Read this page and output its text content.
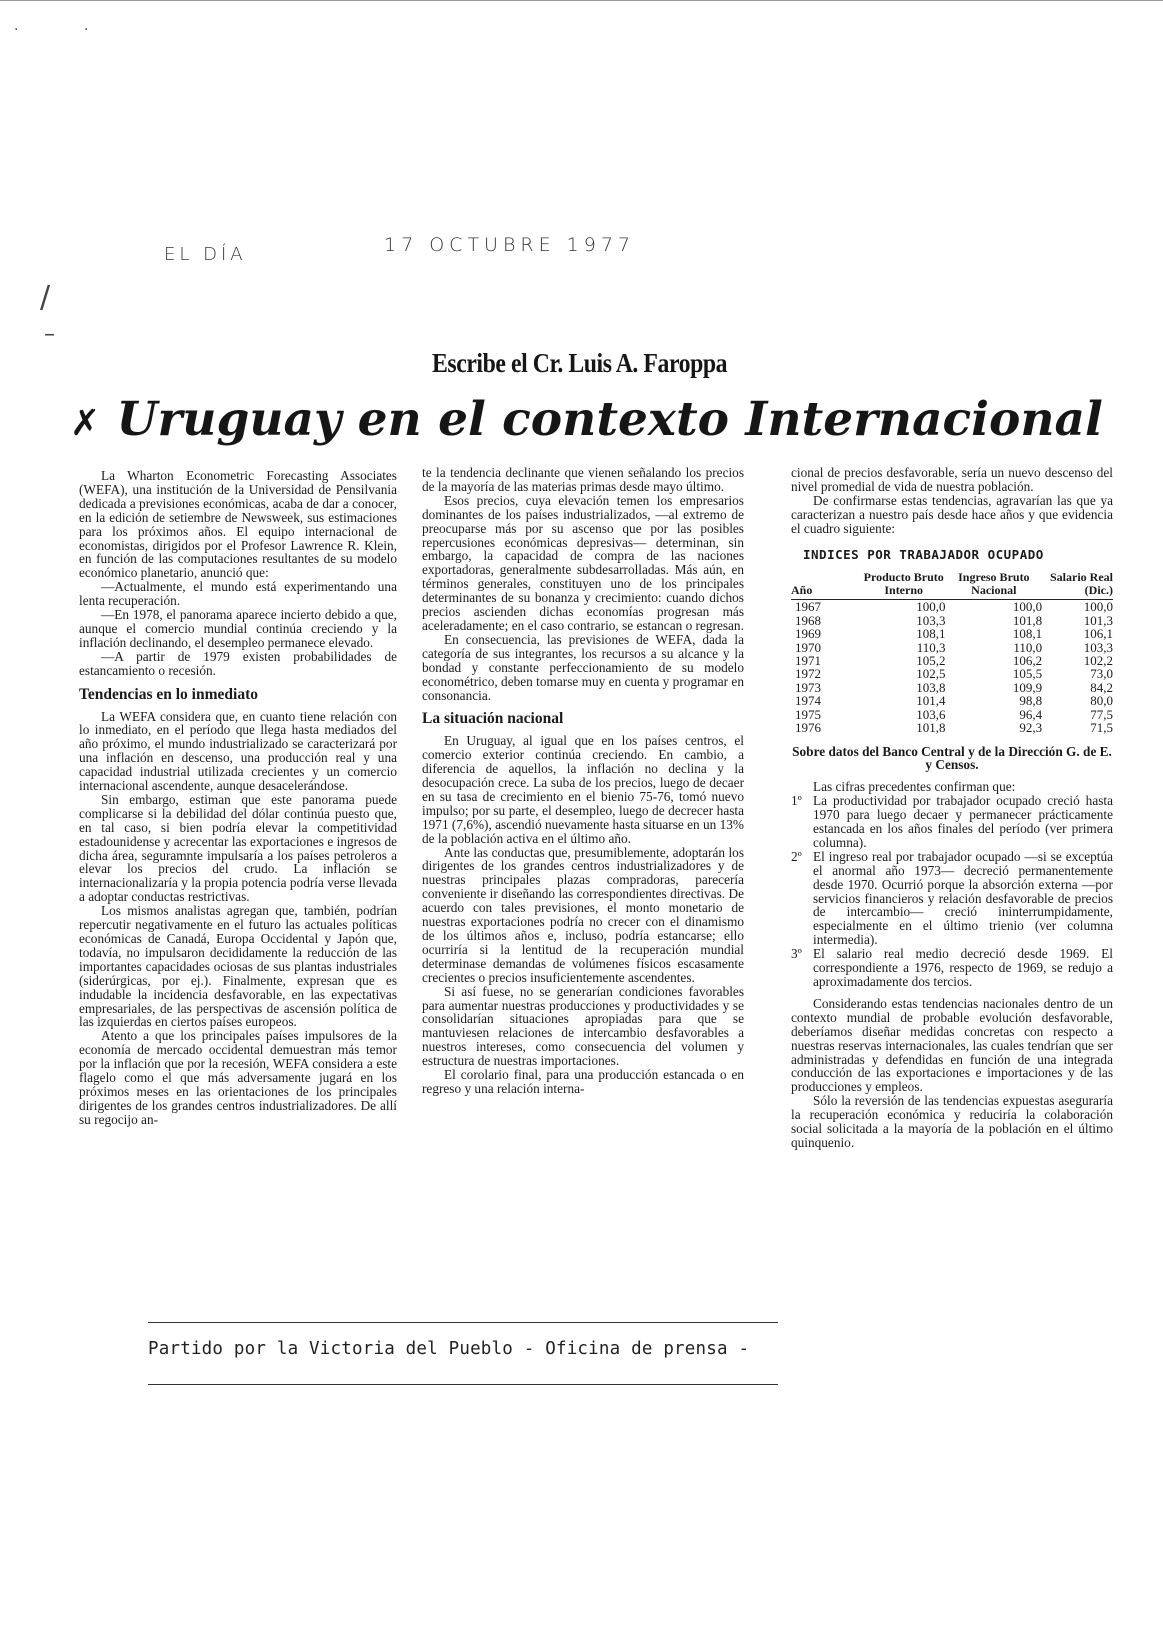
·	·
EL DÍA	17 OCTUBRE 1977
/
–
Escribe el Cr. Luis A. Faroppa
✗ Uruguay en el contexto Internacional

La Wharton Econometric Forecasting Associates (WEFA), una institución de la Universidad de Pensilvania dedicada a previsiones económicas, acaba de dar a conocer, en la edición de setiembre de Newsweek, sus estimaciones para los próximos años. El equipo internacional de economistas, dirigidos por el Profesor Lawrence R. Klein, en función de las computaciones resultantes de su modelo económico planetario, anunció que:

—Actualmente, el mundo está experimentando una lenta recuperación.

—En 1978, el panorama aparece incierto debido a que, aunque el comercio mundial continúa creciendo y la inflación declinando, el desempleo permanece elevado.

—A partir de 1979 existen probabilidades de estancamiento o recesión.

Tendencias en lo inmediato

La WEFA considera que, en cuanto tiene relación con lo inmediato, en el período que llega hasta mediados del año próximo, el mundo industrializado se caracterizará por una inflación en descenso, una producción real y una capacidad industrial utilizada crecientes y un comercio internacional ascendente, aunque desacelerándose.

Sin embargo, estiman que este panorama puede complicarse si la debilidad del dólar continúa puesto que, en tal caso, si bien podría elevar la competitividad estadounidense y acrecentar las exportaciones e ingresos de dicha área, seguramnte impulsaría a los países petroleros a elevar los precios del crudo. La inflación se internacionalizaría y la propia potencia podría verse llevada a adoptar conductas restrictivas.

Los mismos analistas agregan que, también, podrían repercutir negativamente en el futuro las actuales políticas económicas de Canadá, Europa Occidental y Japón que, todavía, no impulsaron decididamente la reducción de las importantes capacidades ociosas de sus plantas industriales (siderúrgicas, por ej.). Finalmente, expresan que es indudable la incidencia desfavorable, en las expectativas empresariales, de las perspectivas de ascensión política de las izquierdas en ciertos países europeos.

Atento a que los principales países impulsores de la economía de mercado occidental demuestran más temor por la inflación que por la recesión, WEFA considera a este flagelo como el que más adversamente jugará en los próximos meses en las orientaciones de los principales dirigentes de los grandes centros industrializadores. De allí su regocijo an-

te la tendencia declinante que vienen señalando los precios de la mayoría de las materias primas desde mayo último.

Esos precios, cuya elevación temen los empresarios dominantes de los países industrializados, —al extremo de preocuparse más por su ascenso que por las posibles repercusiones económicas depresivas— determinan, sin embargo, la capacidad de compra de las naciones exportadoras, generalmente subdesarrolladas. Más aún, en términos generales, constituyen uno de los principales determinantes de su bonanza y crecimiento: cuando dichos precios ascienden dichas economías progresan más aceleradamente; en el caso contrario, se estancan o regresan.

En consecuencia, las previsiones de WEFA, dada la categoría de sus integrantes, los recursos a su alcance y la bondad y constante perfeccionamiento de su modelo econométrico, deben tomarse muy en cuenta y programar en consonancia.

La situación nacional

En Uruguay, al igual que en los países centros, el comercio exterior continúa creciendo. En cambio, a diferencia de aquellos, la inflación no declina y la desocupación crece. La suba de los precios, luego de decaer en su tasa de crecimiento en el bienio 75-76, tomó nuevo impulso; por su parte, el desempleo, luego de decrecer hasta 1971 (7,6%), ascendió nuevamente hasta situarse en un 13% de la población activa en el último año.

Ante las conductas que, presumiblemente, adoptarán los dirigentes de los grandes centros industrializadores y de nuestras principales plazas compradoras, parecería conveniente ir diseñando las correspondientes directivas. De acuerdo con tales previsiones, el monto monetario de nuestras exportaciones podría no crecer con el dinamismo de los últimos años e, incluso, podría estancarse; ello ocurriría si la lentitud de la recuperación mundial determinase demandas de volúmenes físicos escasamente crecientes o precios insuficientemente ascendentes.

Si así fuese, no se generarían condiciones favorables para aumentar nuestras producciones y productividades y se consolidarían situaciones apropiadas para que se mantuviesen relaciones de intercambio desfavorables a nuestros intereses, como consecuencia del volumen y estructura de nuestras importaciones.

El corolario final, para una producción estancada o en regreso y una relación interna-

cional de precios desfavorable, sería un nuevo descenso del nivel promedial de vida de nuestra población.

De confirmarse estas tendencias, agravarían las que ya caracterizan a nuestro país desde hace años y que evidencia el cuadro siguiente:

INDICES POR TRABAJADOR OCUPADO
Año	Producto Bruto Interno	Ingreso Bruto Nacional	Salario Real (Dic.)
1967	100,0	100,0	100,0
1968	103,3	101,8	101,3
1969	108,1	108,1	106,1
1970	110,3	110,0	103,3
1971	105,2	106,2	102,2
1972	102,5	105,5	73,0
1973	103,8	109,9	84,2
1974	101,4	98,8	80,0
1975	103,6	96,4	77,5
1976	101,8	92,3	71,5
Sobre datos del Banco Central y de la Dirección G. de E. y Censos.

Las cifras precedentes confirman que:

1º La productividad por trabajador ocupado creció hasta 1970 para luego decaer y permanecer prácticamente estancada en los años finales del período (ver primera columna).
2º El ingreso real por trabajador ocupado —si se exceptúa el anormal año 1973— decreció permanentemente desde 1970. Ocurrió porque la absorción externa —por servicios financieros y relación desfavorable de precios de intercambio— creció ininterrumpidamente, especialmente en el último trienio (ver columna intermedia).
3º El salario real medio decreció desde 1969. El correspondiente a 1976, respecto de 1969, se redujo a aproximadamente dos tercios.

Considerando estas tendencias nacionales dentro de un contexto mundial de probable evolución desfavorable, deberíamos diseñar medidas concretas con respecto a nuestras reservas internacionales, las cuales tendrían que ser administradas y defendidas en función de una integrada conducción de las exportaciones e importaciones y de las producciones y empleos.

Sólo la reversión de las tendencias expuestas aseguraría la recuperación económica y reduciría la colaboración social solicitada a la mayoría de la población en el último quinquenio.

Partido por la Victoria del Pueblo - Oficina de prensa -
